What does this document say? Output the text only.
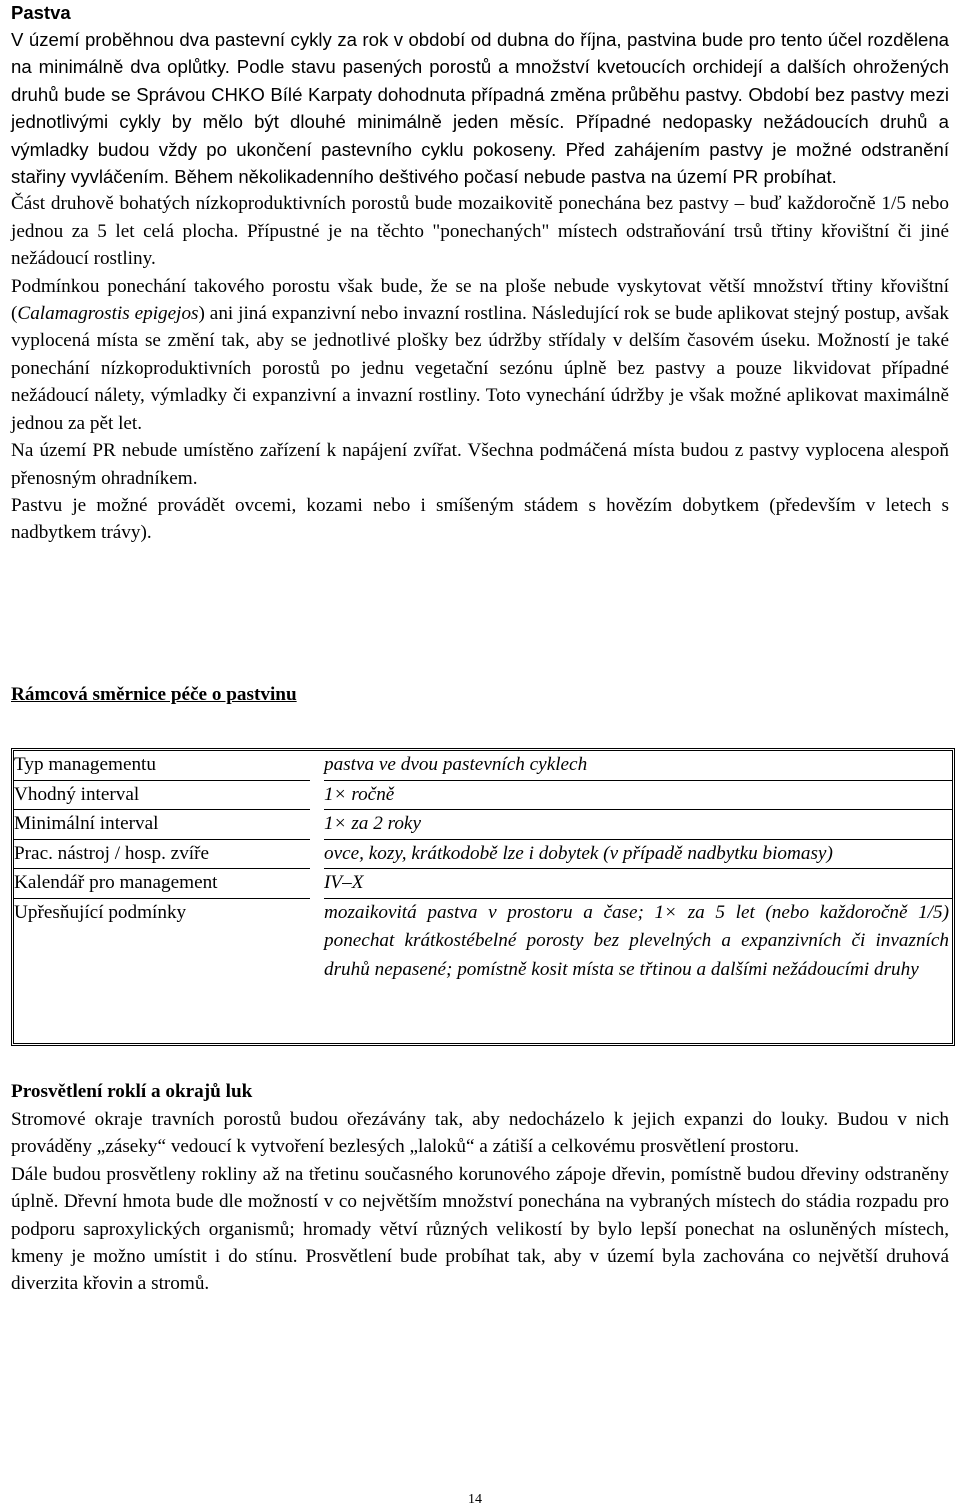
Pastva

V území proběhnou dva pastevní cykly za rok v období od dubna do října, pastvina bude pro tento účel rozdělena na minimálně dva oplůtky. Podle stavu pasených porostů a množství kvetoucích orchidejí a dalších ohrožených druhů bude se Správou CHKO Bílé Karpaty dohodnuta případná změna průběhu pastvy. Období bez pastvy mezi jednotlivými cykly by mělo být dlouhé minimálně jeden měsíc. Případné nedopasky nežádoucích druhů a výmladky budou vždy po ukončení pastevního cyklu pokoseny. Před zahájením pastvy je možné odstranění stařiny vyvláčením. Během několikadenního deštivého počasí nebude pastva na území PR probíhat.

Část druhově bohatých nízkoproduktivních porostů bude mozaikovitě ponechána bez pastvy – buď každoročně 1/5 nebo jednou za 5 let celá plocha. Přípustné je na těchto "ponechaných" místech odstraňování trsů třtiny křovištní či jiné nežádoucí rostliny.

Podmínkou ponechání takového porostu však bude, že se na ploše nebude vyskytovat větší množství třtiny křovištní (Calamagrostis epigejos) ani jiná expanzivní nebo invazní rostlina. Následující rok se bude aplikovat stejný postup, avšak vyplocená místa se změní tak, aby se jednotlivé plošky bez údržby střídaly v delším časovém úseku. Možností je také ponechání nízkoproduktivních porostů po jednu vegetační sezónu úplně bez pastvy a pouze likvidovat případné nežádoucí nálety, výmladky či expanzivní a invazní rostliny. Toto vynechání údržby je však možné aplikovat maximálně jednou za pět let.

Na území PR nebude umístěno zařízení k napájení zvířat. Všechna podmáčená místa budou z pastvy vyplocena alespoň přenosným ohradníkem.

Pastvu je možné provádět ovcemi, kozami nebo i smíšeným stádem s hovězím dobytkem (především v letech s nadbytkem trávy).

Rámcová směrnice péče o pastvinu

Typ managementu		pastva ve dvou pastevních cyklech
Vhodný interval		1× ročně
Minimální interval		1× za 2 roky
Prac. nástroj / hosp. zvíře		ovce, kozy, krátkodobě lze i dobytek (v případě nadbytku biomasy)
Kalendář pro management		IV–X
Upřesňující podmínky		mozaikovitá pastva v prostoru a čase; 1× za 5 let (nebo každoročně 1/5) ponechat krátkostébelné porosty bez plevelných a expanzivních či invazních druhů nepasené; pomístně kosit místa se třtinou a dalšími nežádoucími druhy

Prosvětlení roklí a okrajů luk

Stromové okraje travních porostů budou ořezávány tak, aby nedocházelo k jejich expanzi do louky. Budou v nich prováděny „záseky“ vedoucí k vytvoření bezlesých „laloků“ a zátiší a celkovému prosvětlení prostoru.

Dále budou prosvětleny rokliny až na třetinu současného korunového zápoje dřevin, pomístně budou dřeviny odstraněny úplně. Dřevní hmota bude dle možností v co největším množství ponechána na vybraných místech do stádia rozpadu pro podporu saproxylických organismů; hromady větví různých velikostí by bylo lepší ponechat na osluněných místech, kmeny je možno umístit i do stínu. Prosvětlení bude probíhat tak, aby v území byla zachována co největší druhová diverzita křovin a stromů.

14
